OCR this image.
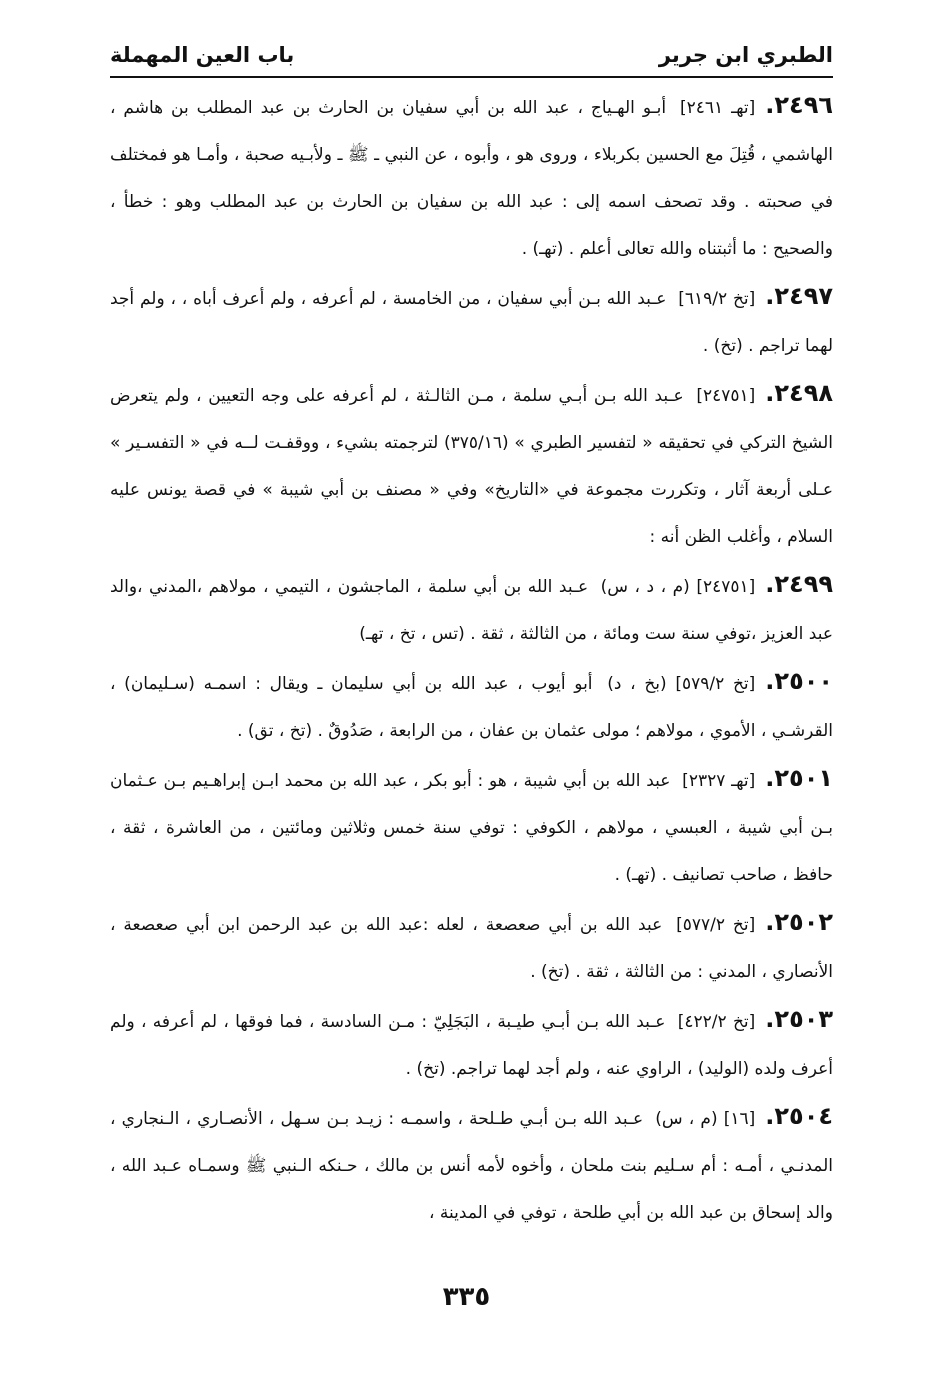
الطبري ابن جرير
باب العين المهملة

٢٤٩٦.[تهـ ٢٤٦١] أبـو الهـياج ، عبد الله بن أبي سفيان بن الحارث بن عبد المطلب بن هاشم ، الهاشمي ، قُتِلَ مع الحسين بكربلاء ، وروى هو ، وأبوه ، عن النبي ـ ﷺ ـ ولأبـيه صحبة ، وأمـا هو فمختلف في صحبته . وقد تصحف اسمه إلى : عبد الله بن سفيان بن الحارث بن عبد المطلب وهو : خطأ ، والصحيح : ما أثبتناه والله تعالى أعلم . (تهـ) .

٢٤٩٧.[تخ ٦١٩/٢] عـبد الله بـن أبي سفيان ، من الخامسة ، لم أعرفه ، ولم أعرف أباه ، ، ولم أجد لهما تراجم . (تخ) .

٢٤٩٨.[٢٤٧٥١] عـبد الله بـن أبـي سلمة ، مـن الثالـثة ، لم أعرفه على وجه التعيين ، ولم يتعرض الشيخ التركي في تحقيقه « لتفسير الطبري » (٣٧٥/١٦) لترجمته بشيء ، ووقفـت لــه في « التفسـير » عـلى أربعة آثار ، وتكررت مجموعة في «التاريخ» وفي « مصنف بن أبي شيبة » في قصة يونس عليه السلام ، وأغلب الظن أنه :

٢٤٩٩.[٢٤٧٥١] (م ، د ، س) عـبد الله بن أبي سلمة ، الماجشون ، التيمي ، مولاهم ،المدني ،والد عبد العزيز ،توفي سنة ست ومائة ، من الثالثة ، ثقة . (تس ، تخ ، تهـ)

٢٥٠٠.[تخ ٥٧٩/٢] (بخ ، د) أبو أيوب ، عبد الله بن أبي سليمان ـ ويقال : اسمـه (سـليمان) ، القرشـي ، الأموي ، مولاهم ؛ مولى عثمان بن عفان ، من الرابعة ، صَدُوقٌ . (تخ ، تق) .

٢٥٠١.[تهـ ٢٣٢٧] عبد الله بن أبي شيبة ، هو : أبو بكر ، عبد الله بن محمد ابـن إبراهـيم بـن عـثمان بـن أبي شيبة ، العبسي ، مولاهم ، الكوفي : توفي سنة خمس وثلاثين ومائتين ، من العاشرة ، ثقة ، حافظ ، صاحب تصانيف . (تهـ) .

٢٥٠٢.[تخ ٥٧٧/٢] عبد الله بن أبي صعصعة ، لعله :عبد الله بن عبد الرحمن ابن أبي صعصعة ، الأنصاري ، المدني : من الثالثة ، ثقة . (تخ) .

٢٥٠٣.[تخ ٤٢٢/٢] عـبد الله بـن أبـي طيـبة ، البَجَلِيّ : مـن السادسة ، فما فوقها ، لم أعرفه ، ولم أعرف ولده (الوليد) ، الراوي عنه ، ولم أجد لهما تراجم. (تخ) .

٢٥٠٤.[١٦] (م ، س) عـبد الله بـن أبـي طـلحة ، واسمـه : زيـد بـن سـهل ، الأنصـاري ، الـنجاري ، المدنـي ، أمـه : أم سـليم بنت ملحان ، وأخوه لأمه أنس بن مالك ، حـنكه الـنبي ﷺ وسمـاه عـبد الله ، والد إسحاق بن عبد الله بن أبي طلحة ، توفي في المدينة ،

٣٣٥
